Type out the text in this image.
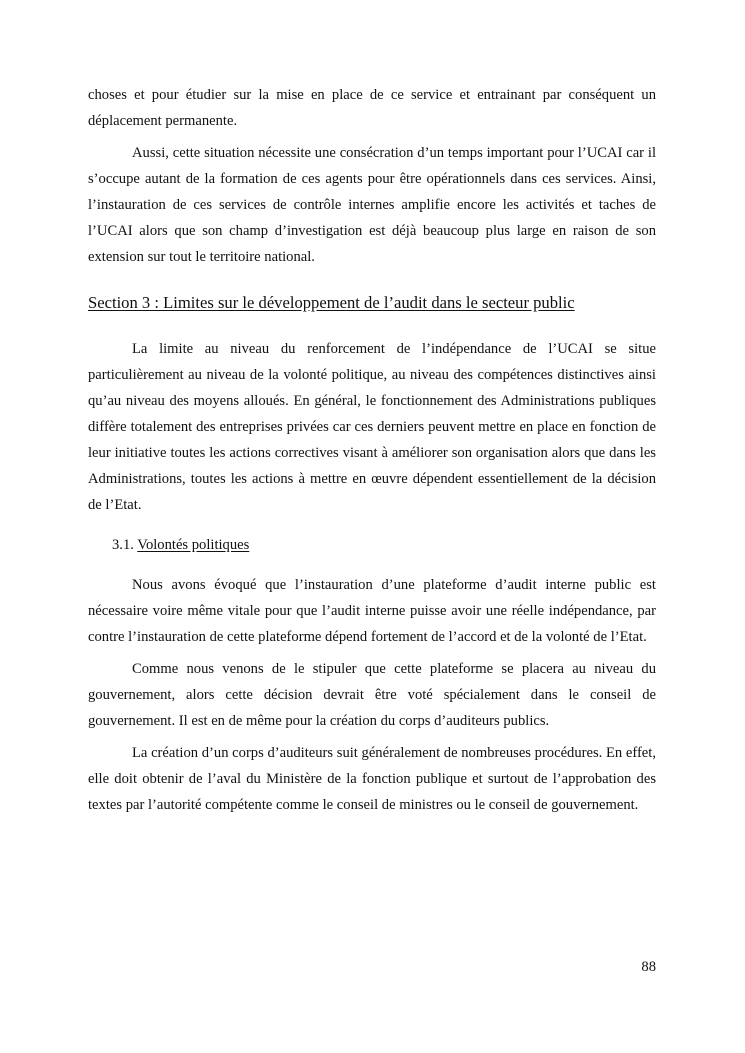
choses et pour étudier sur la mise en place de ce service et entrainant par conséquent un déplacement permanente.

Aussi, cette situation nécessite une consécration d’un temps important pour l’UCAI car il s’occupe autant de la formation de ces agents pour être opérationnels dans ces services. Ainsi, l’instauration de ces services de contrôle internes amplifie encore les activités et taches de l’UCAI alors que son champ d’investigation est déjà beaucoup plus large en raison de son extension sur tout le territoire national.

Section 3 : Limites sur le développement de l’audit dans le secteur public

La limite au niveau du renforcement de l’indépendance de l’UCAI se situe particulièrement au niveau de la volonté politique, au niveau des compétences distinctives ainsi qu’au niveau des moyens alloués. En général, le fonctionnement des Administrations publiques diffère totalement des entreprises privées car ces derniers peuvent mettre en place en fonction de leur initiative toutes les actions correctives visant à améliorer son organisation alors que dans les Administrations, toutes les actions à mettre en œuvre dépendent essentiellement de la décision de l’Etat.

3.1. Volontés politiques

Nous avons évoqué que l’instauration d’une plateforme d’audit interne public est nécessaire voire même vitale pour que l’audit interne puisse avoir une réelle indépendance, par contre l’instauration de cette plateforme dépend fortement de l’accord et de la volonté de l’Etat.

Comme nous venons de le stipuler que cette plateforme se placera au niveau du gouvernement, alors cette décision devrait être voté spécialement dans le conseil de gouvernement. Il est en de même pour la création du corps d’auditeurs publics.

La création d’un corps d’auditeurs suit généralement de nombreuses procédures. En effet, elle doit obtenir de l’aval du Ministère de la fonction publique et surtout de l’approbation des textes par l’autorité compétente comme le conseil de ministres ou le conseil de gouvernement.

88
